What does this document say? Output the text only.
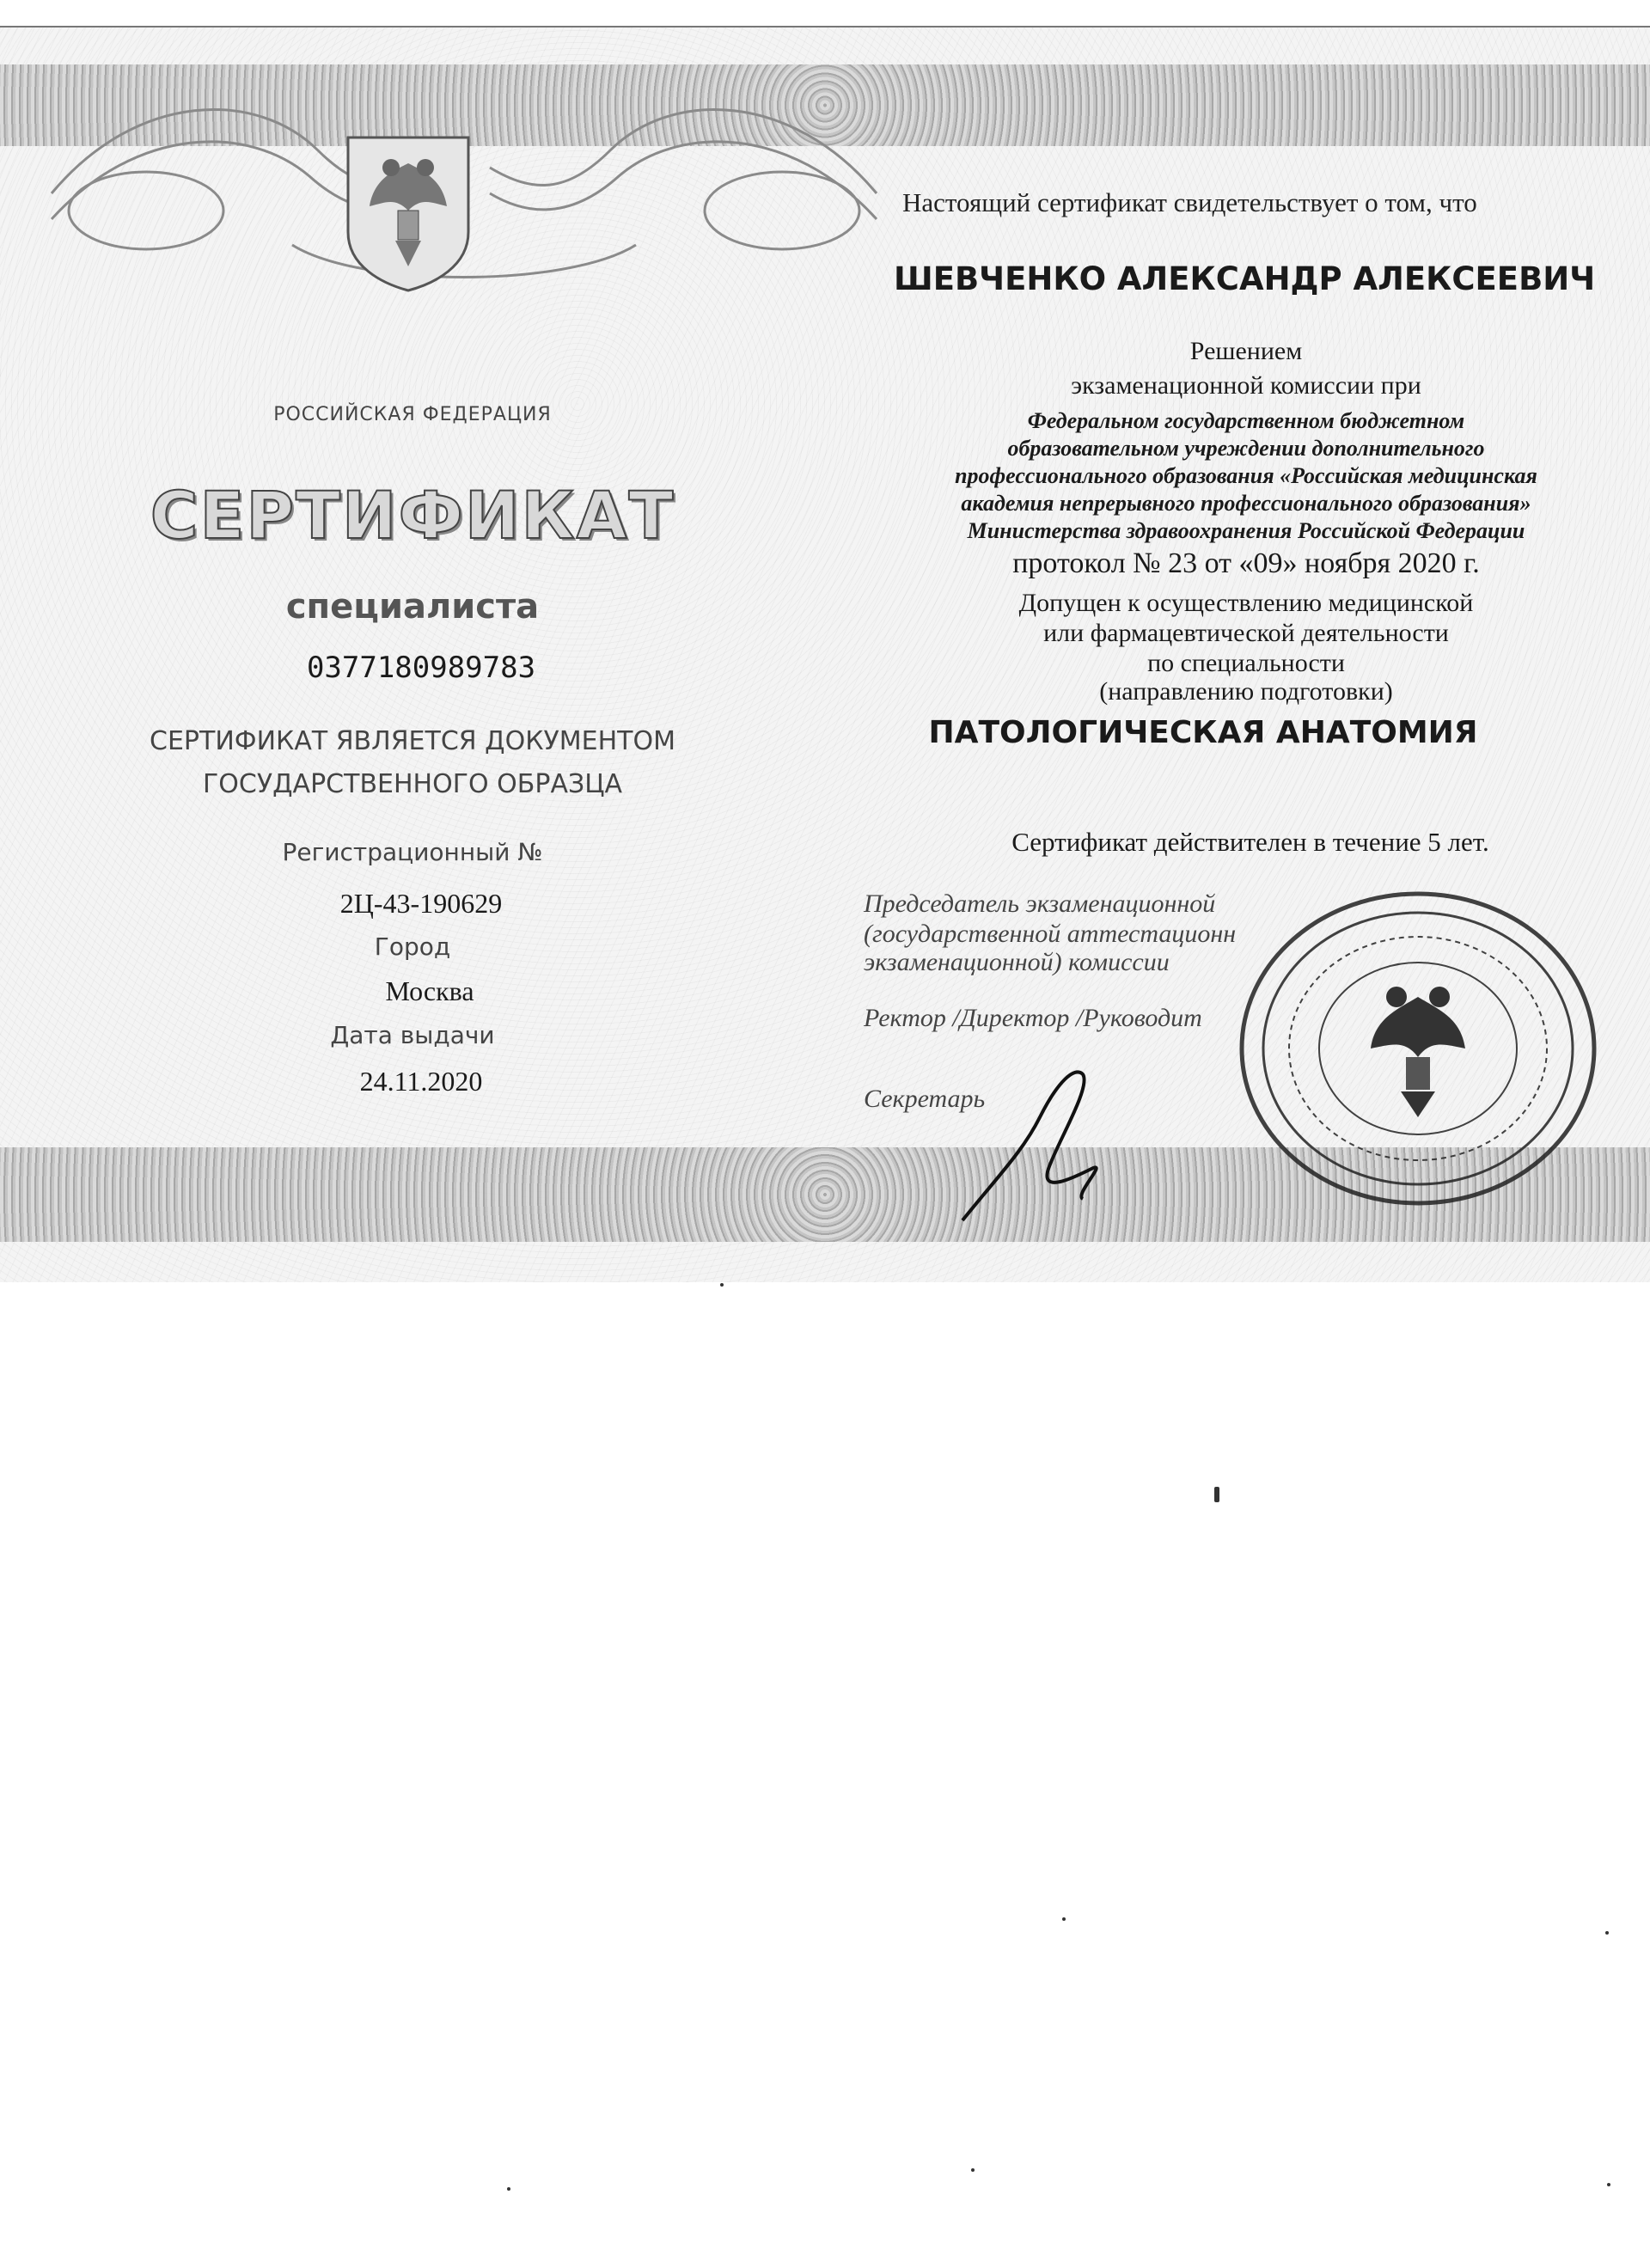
Настоящий сертификат свидетельствует о том, что
ШЕВЧЕНКО АЛЕКСАНДР АЛЕКСЕЕВИЧ
Решением
экзаменационной комиссии при
Федеральном государственном бюджетном
образовательном учреждении дополнительного
профессионального образования «Российская медицинская
академия непрерывного профессионального образования»
Министерства здравоохранения Российской Федерации
протокол № 23 от «09» ноября 2020 г.
Допущен к осуществлению медицинской
или фармацевтической деятельности
по специальности
(направлению подготовки)
ПАТОЛОГИЧЕСКАЯ АНАТОМИЯ
Сертификат действителен в течение 5 лет.
Председатель экзаменационной
(государственной аттестационн
экзаменационной) комиссии
Ректор /Директор /Руководит
Секретарь
РОССИЙСКАЯ ФЕДЕРАЦИЯ
СЕРТИФИКАТ
специалиста
0377180989783
СЕРТИФИКАТ ЯВЛЯЕТСЯ ДОКУМЕНТОМ
ГОСУДАРСТВЕННОГО ОБРАЗЦА
Регистрационный №
2Ц-43-190629
Город
Москва
Дата выдачи
24.11.2020
